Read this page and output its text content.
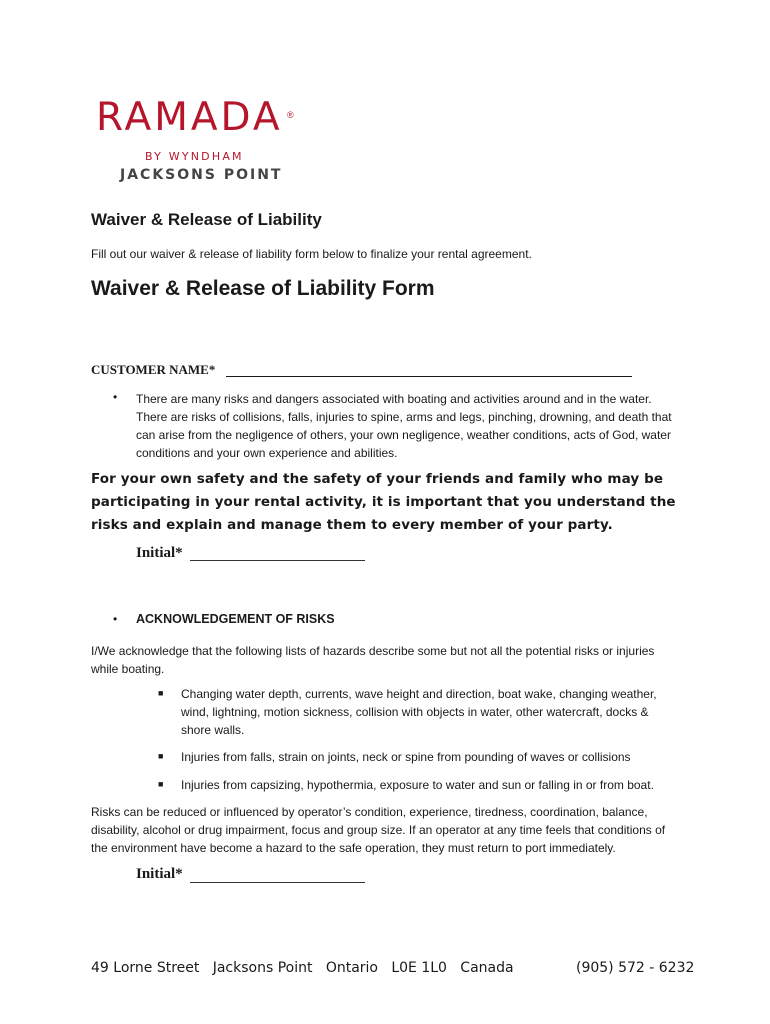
RAMADA ®
BY WYNDHAM
JACKSONS POINT
Waiver & Release of Liability
Fill out our waiver & release of liability form below to finalize your rental agreement.
Waiver & Release of Liability Form
CUSTOMER NAME*
• There are many risks and dangers associated with boating and activities around and in the water. There are risks of collisions, falls, injuries to spine, arms and legs, pinching, drowning, and death that can arise from the negligence of others, your own negligence, weather conditions, acts of God, water conditions and your own experience and abilities.
For your own safety and the safety of your friends and family who may be participating in your rental activity, it is important that you understand the risks and explain and manage them to every member of your party.
Initial*
• ACKNOWLEDGEMENT OF RISKS
I/We acknowledge that the following lists of hazards describe some but not all the potential risks or injuries while boating.
■ Changing water depth, currents, wave height and direction, boat wake, changing weather, wind, lightning, motion sickness, collision with objects in water, other watercraft, docks & shore walls.
■ Injuries from falls, strain on joints, neck or spine from pounding of waves or collisions
■ Injuries from capsizing, hypothermia, exposure to water and sun or falling in or from boat.
Risks can be reduced or influenced by operator’s condition, experience, tiredness, coordination, balance, disability, alcohol or drug impairment, focus and group size. If an operator at any time feels that conditions of the environment have become a hazard to the safe operation, they must return to port immediately.
Initial*
49 Lorne Street   Jacksons Point   Ontario   L0E 1L0   Canada	(905) 572 - 6232
